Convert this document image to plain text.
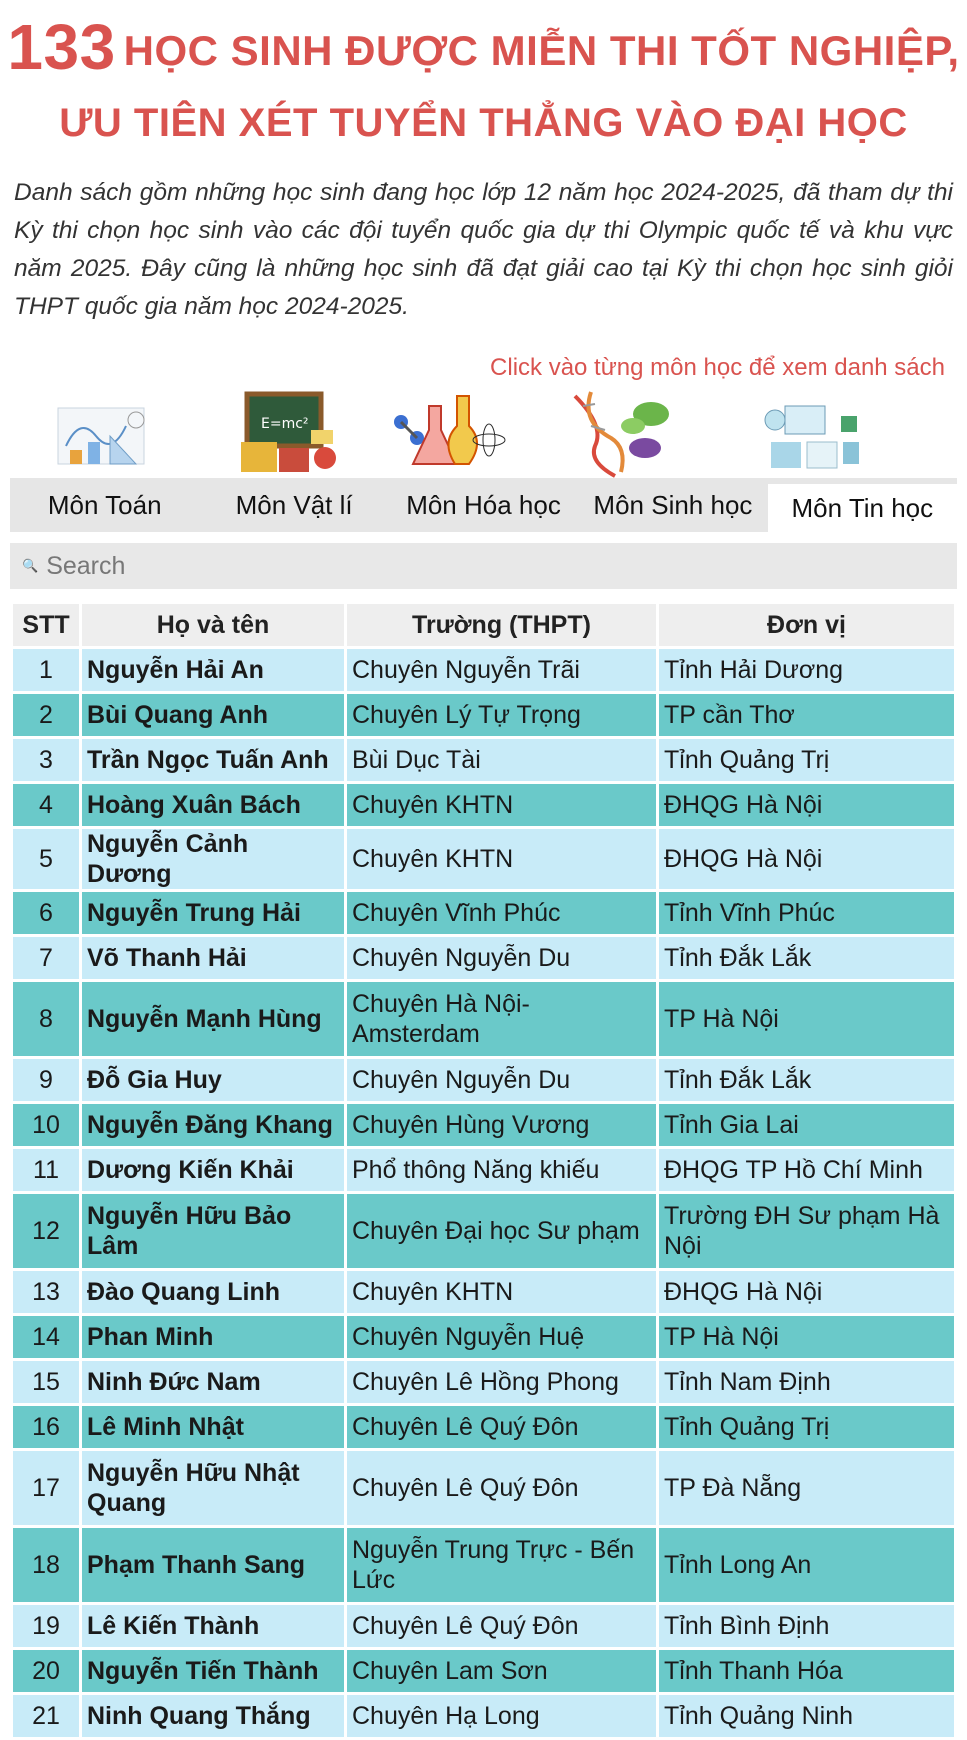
133 HỌC SINH ĐƯỢC MIỄN THI TỐT NGHIỆP,
ƯU TIÊN XÉT TUYỂN THẲNG VÀO ĐẠI HỌC

Danh sách gồm những học sinh đang học lớp 12 năm học 2024-2025, đã tham dự thi Kỳ thi chọn học sinh vào các đội tuyển quốc gia dự thi Olympic quốc tế và khu vực năm 2025. Đây cũng là những học sinh đã đạt giải cao tại Kỳ thi chọn học sinh giỏi THPT quốc gia năm học 2024-2025.

Click vào từng môn học để xem danh sách
E=mc²
Môn Toán	Môn Vật lí	Môn Hóa học	Môn Sinh học	Môn Tin học
🔍
Search
STT	Họ và tên	Trường (THPT)	Đơn vị
1	Nguyễn Hải An	Chuyên Nguyễn Trãi	Tỉnh Hải Dương
2	Bùi Quang Anh	Chuyên Lý Tự Trọng	TP cần Thơ
3	Trần Ngọc Tuấn Anh	Bùi Dục Tài	Tỉnh Quảng Trị
4	Hoàng Xuân Bách	Chuyên KHTN	ĐHQG Hà Nội
5	Nguyễn Cảnh Dương	Chuyên KHTN	ĐHQG Hà Nội
6	Nguyễn Trung Hải	Chuyên Vĩnh Phúc	Tỉnh Vĩnh Phúc
7	Võ Thanh Hải	Chuyên Nguyễn Du	Tỉnh Đắk Lắk
8	Nguyễn Mạnh Hùng	Chuyên Hà Nội-Amsterdam	TP Hà Nội
9	Đỗ Gia Huy	Chuyên Nguyễn Du	Tỉnh Đắk Lắk
10	Nguyễn Đăng Khang	Chuyên Hùng Vương	Tỉnh Gia Lai
11	Dương Kiến Khải	Phổ thông Năng khiếu	ĐHQG TP Hồ Chí Minh
12	Nguyễn Hữu Bảo Lâm	Chuyên Đại học Sư phạm	Trường ĐH Sư phạm Hà Nội
13	Đào Quang Linh	Chuyên KHTN	ĐHQG Hà Nội
14	Phan Minh	Chuyên Nguyễn Huệ	TP Hà Nội
15	Ninh Đức Nam	Chuyên Lê Hồng Phong	Tỉnh Nam Định
16	Lê Minh Nhật	Chuyên Lê Quý Đôn	Tỉnh Quảng Trị
17	Nguyễn Hữu Nhật Quang	Chuyên Lê Quý Đôn	TP Đà Nẵng
18	Phạm Thanh Sang	Nguyễn Trung Trực - Bến Lức	Tỉnh Long An
19	Lê Kiến Thành	Chuyên Lê Quý Đôn	Tỉnh Bình Định
20	Nguyễn Tiến Thành	Chuyên Lam Sơn	Tỉnh Thanh Hóa
21	Ninh Quang Thắng	Chuyên Hạ Long	Tỉnh Quảng Ninh
